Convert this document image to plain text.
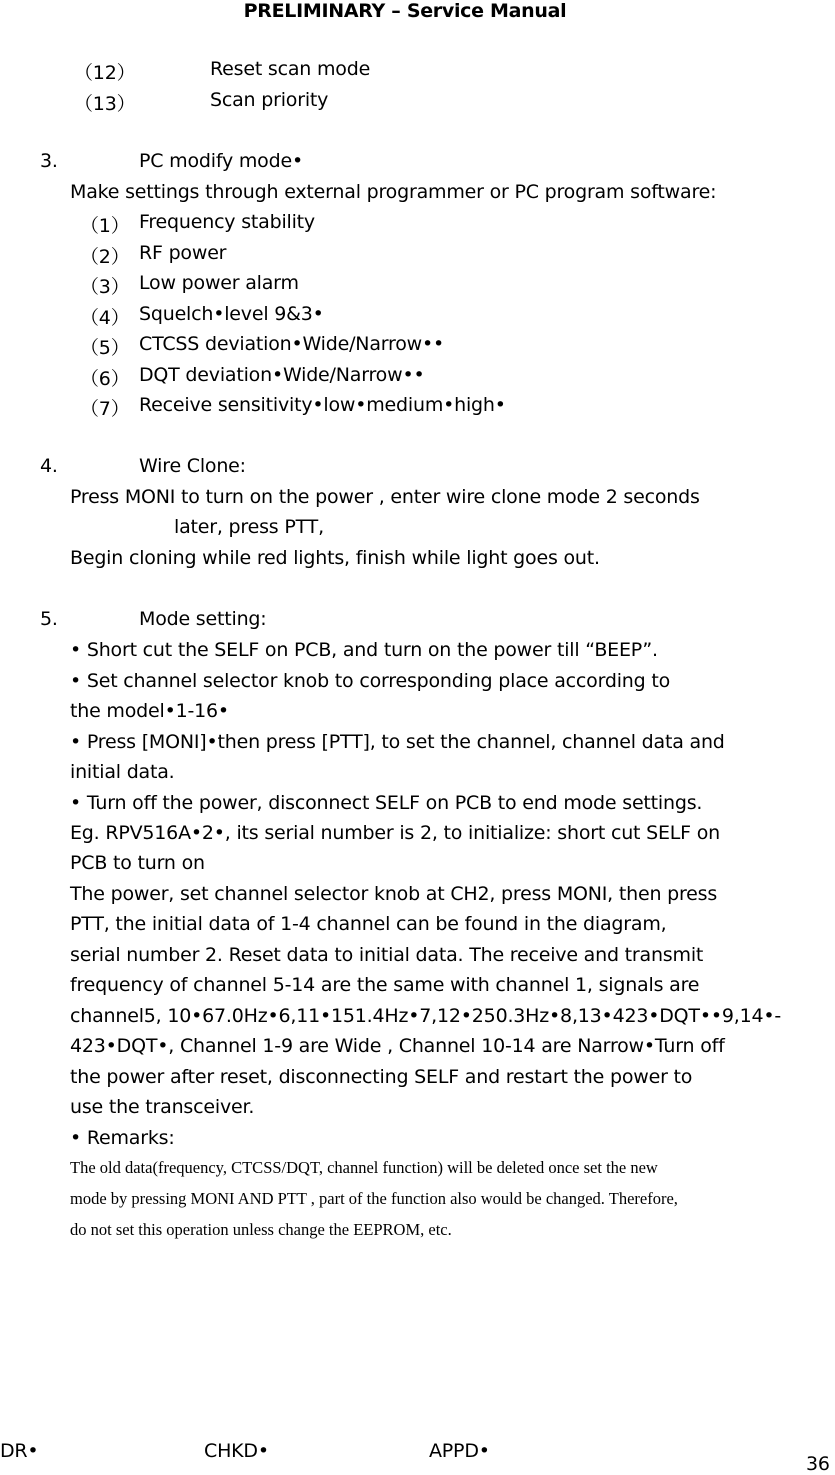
PRELIMINARY – Service Manual
（12）	Reset scan mode
（13）	Scan priority
3.	PC modify mode•
Make settings through external programmer or PC program software:
（1） Frequency stability
（2） RF power
（3） Low power alarm
（4） Squelch•level 9&3•
（5） CTCSS deviation•Wide/Narrow••
（6） DQT deviation•Wide/Narrow••
（7） Receive sensitivity•low•medium•high•
4.	Wire Clone:
Press MONI to turn on the power , enter wire clone mode 2 seconds
later, press PTT,
Begin cloning while red lights, finish while light goes out.
5.	Mode setting:
• Short cut the SELF on PCB, and turn on the power till “BEEP”.
• Set channel selector knob to corresponding place according to
the model•1-16•
• Press [MONI]•then press [PTT], to set the channel, channel data and
initial data.
• Turn off the power, disconnect SELF on PCB to end mode settings.
Eg. RPV516A•2•, its serial number is 2, to initialize: short cut SELF on
PCB to turn on
The power, set channel selector knob at CH2, press MONI, then press
PTT, the initial data of 1-4 channel can be found in the diagram,
serial number 2. Reset data to initial data. The receive and transmit
frequency of channel 5-14 are the same with channel 1, signals are
channel5, 10•67.0Hz•6,11•151.4Hz•7,12•250.3Hz•8,13•423•DQT••9,14•-
423•DQT•, Channel 1-9 are Wide , Channel 10-14 are Narrow•Turn off
the power after reset, disconnecting SELF and restart the power to
use the transceiver.
• Remarks:
The old data(frequency, CTCSS/DQT, channel function) will be deleted once set the new
mode by pressing MONI AND PTT , part of the function also would be changed. Therefore,
do not set this operation unless change the EEPROM, etc.
DR•	CHKD•	APPD•
36
